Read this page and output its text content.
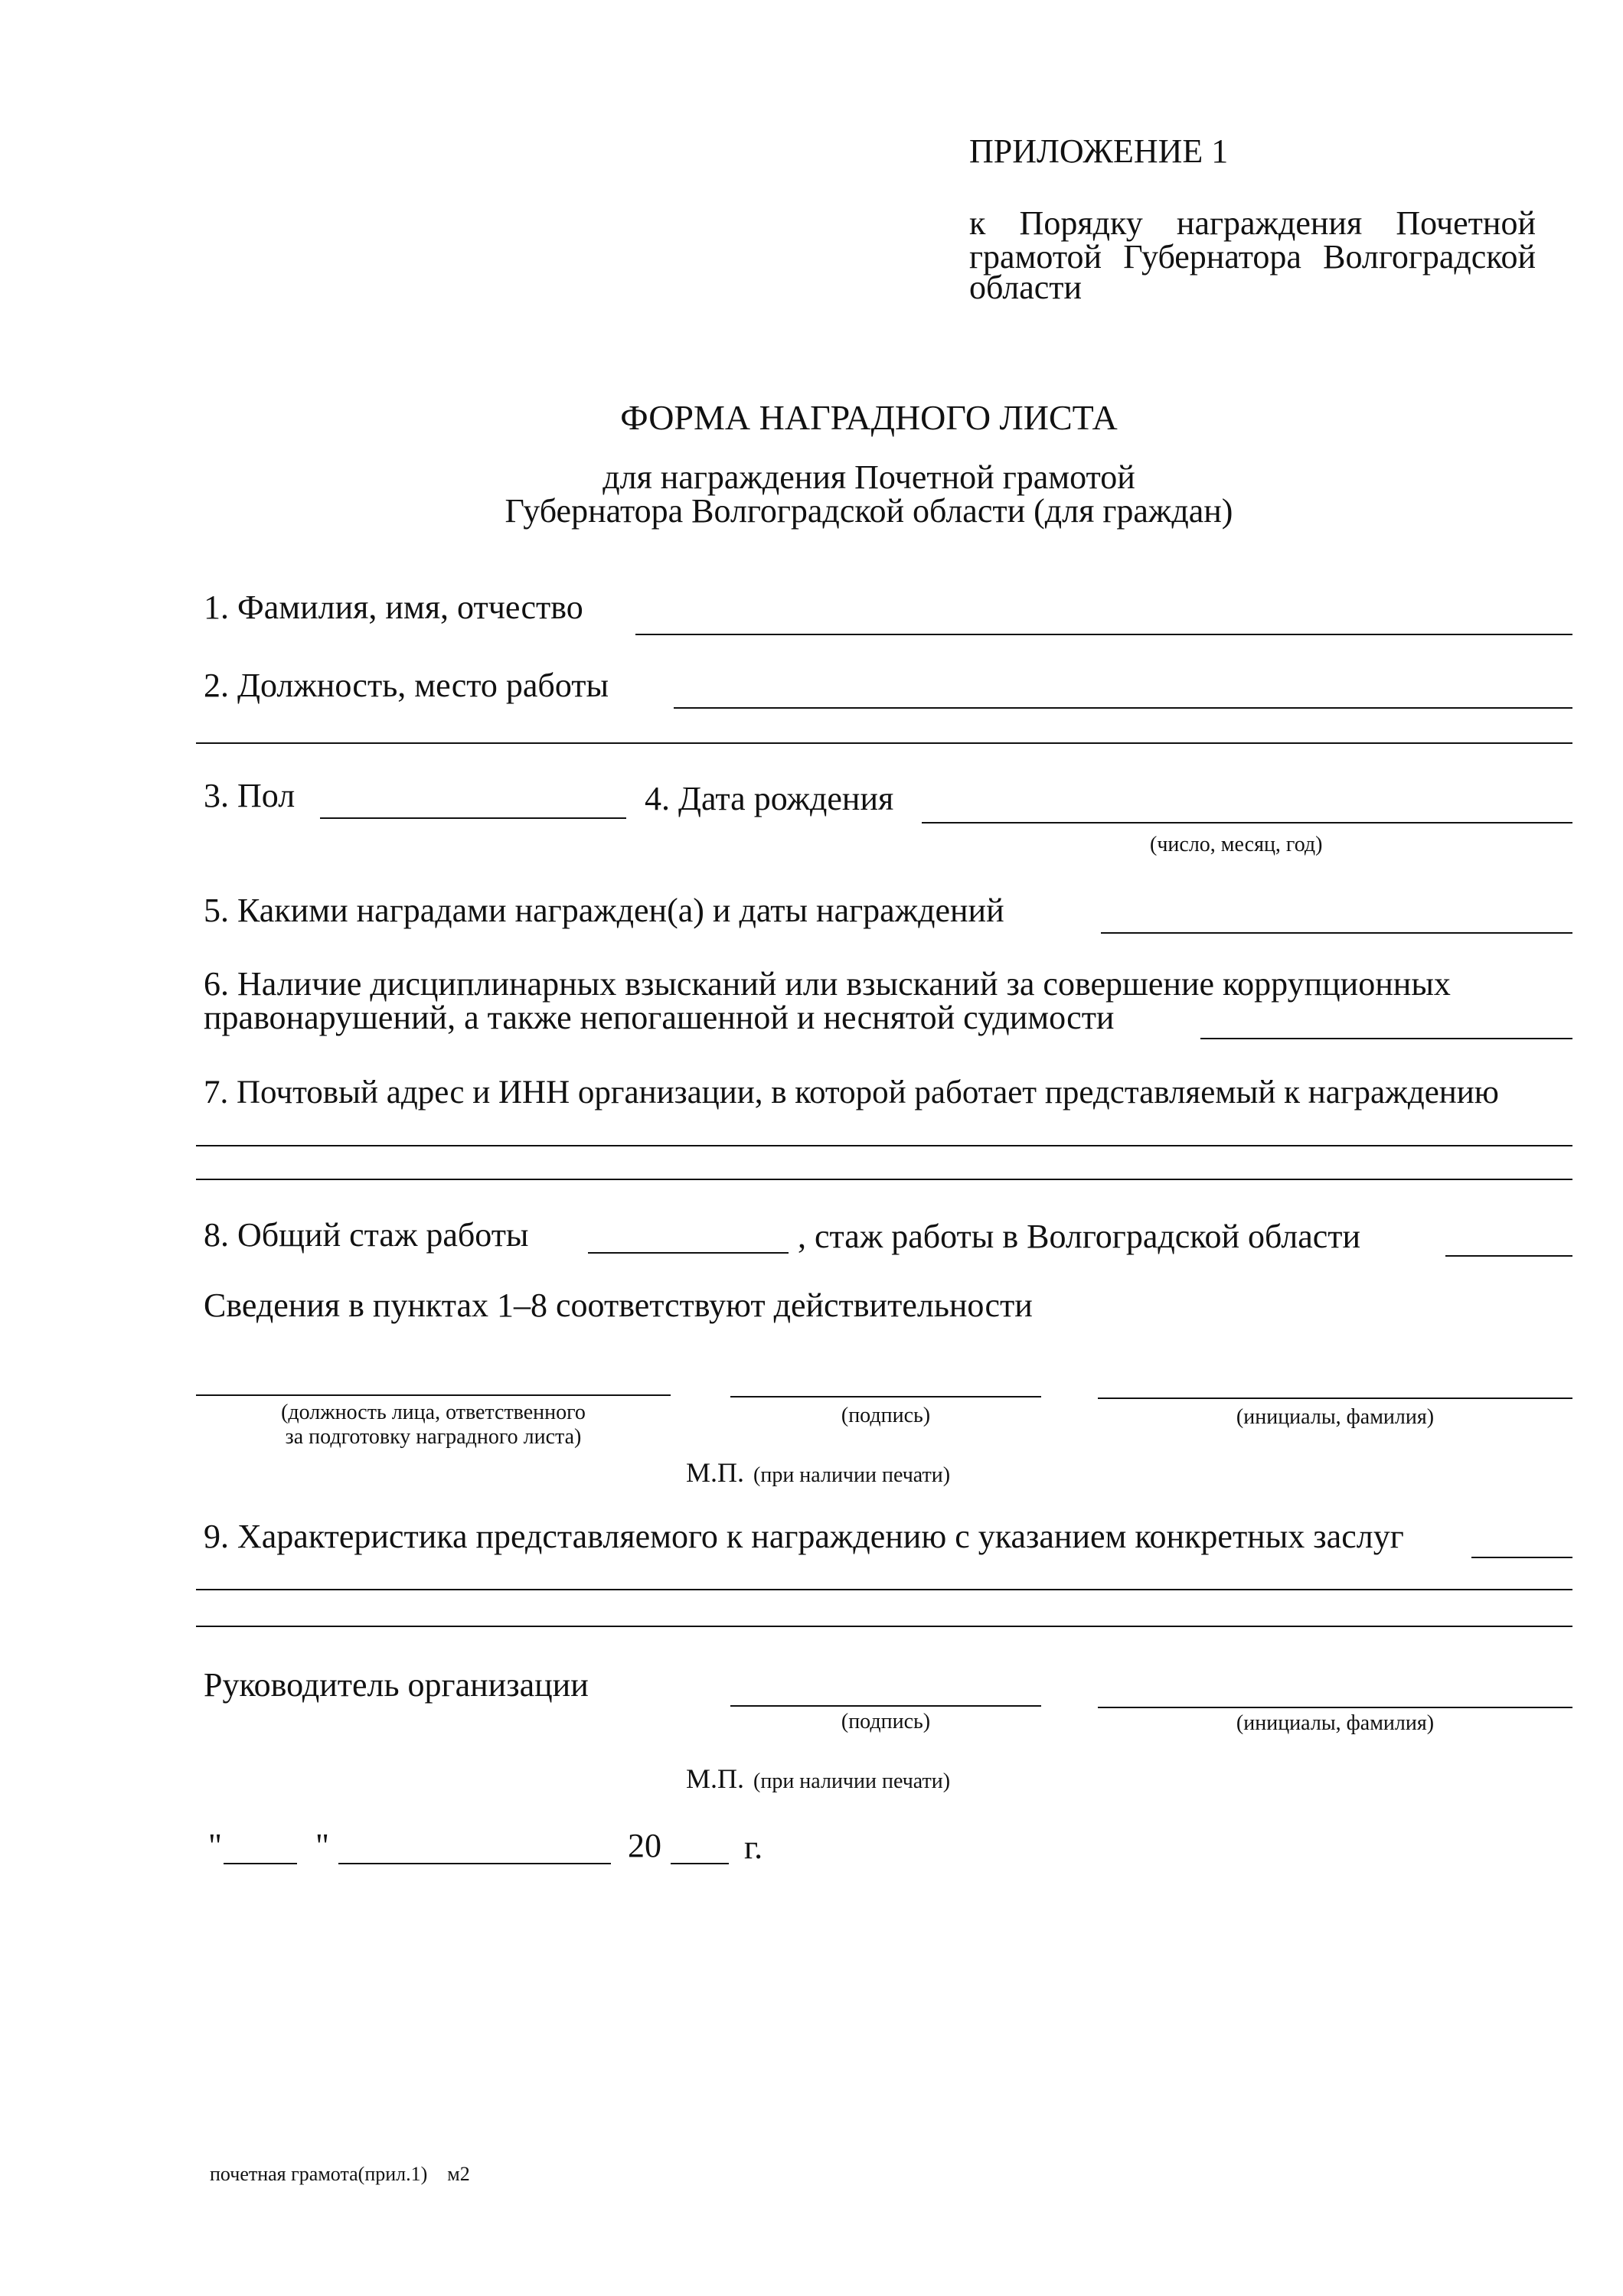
ПРИЛОЖЕНИЕ 1
к Порядку награждения Почетной
грамотой Губернатора Волгоградской
области
ФОРМА НАГРАДНОГО ЛИСТА
для награждения Почетной грамотой
Губернатора Волгоградской области (для граждан)
1. Фамилия, имя, отчество
2. Должность, место работы
3. Пол	4. Дата рождения
(число, месяц, год)
5. Какими наградами награжден(а) и даты награждений
6. Наличие дисциплинарных взысканий или взысканий за совершение коррупционных
правонарушений, а также непогашенной и неснятой судимости
7. Почтовый адрес и ИНН организации, в которой работает представляемый к награждению
8. Общий стаж работы	, стаж работы в Волгоградской области
Сведения в пунктах 1–8 соответствуют действительности
(должность лица, ответственного
за подготовку наградного листа)
(подпись)	(инициалы, фамилия)
М.П. (при наличии печати)
9. Характеристика представляемого к награждению с указанием конкретных заслуг
Руководитель организации
(подпись)	(инициалы, фамилия)
М.П. (при наличии печати)
"	"	20 г.
почетная грамота(прил.1)    м2
